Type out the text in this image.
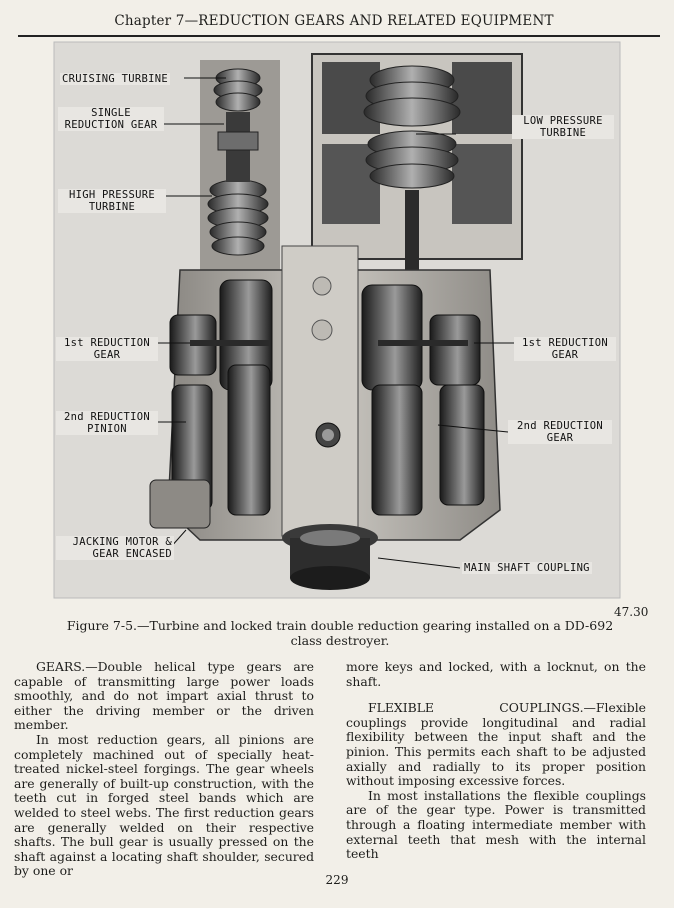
Chapter 7—REDUCTION GEARS AND RELATED EQUIPMENT
CRUISING TURBINE
SINGLE REDUCTION GEAR
HIGH PRESSURE TURBINE
LOW PRESSURE TURBINE
1st REDUCTION GEAR
1st REDUCTION GEAR
2nd REDUCTION PINION	2nd REDUCTION GEAR
JACKING MOTOR & GEAR ENCASED
MAIN SHAFT COUPLING
47.30
Figure 7-5.—Turbine and locked train double reduction gearing installed on a DD-692 class destroyer.

GEARS.—Double helical type gears are capable of transmitting large power loads smoothly, and do not impart axial thrust to either the driving member or the driven member.

In most reduction gears, all pinions are completely machined out of specially heat-treated nickel-steel forgings. The gear wheels are generally of built-up construction, with the teeth cut in forged steel bands which are welded to steel webs. The first reduction gears are generally welded on their respective shafts. The bull gear is usually pressed on the shaft against a locating shaft shoulder, secured by one or

more keys and locked, with a locknut, on the shaft.

FLEXIBLE COUPLINGS.—Flexible couplings provide longitudinal and radial flexibility between the input shaft and the pinion. This permits each shaft to be adjusted axially and radially to its proper position without imposing excessive forces.

In most installations the flexible couplings are of the gear type. Power is transmitted through a floating intermediate member with external teeth that mesh with the internal teeth

229
